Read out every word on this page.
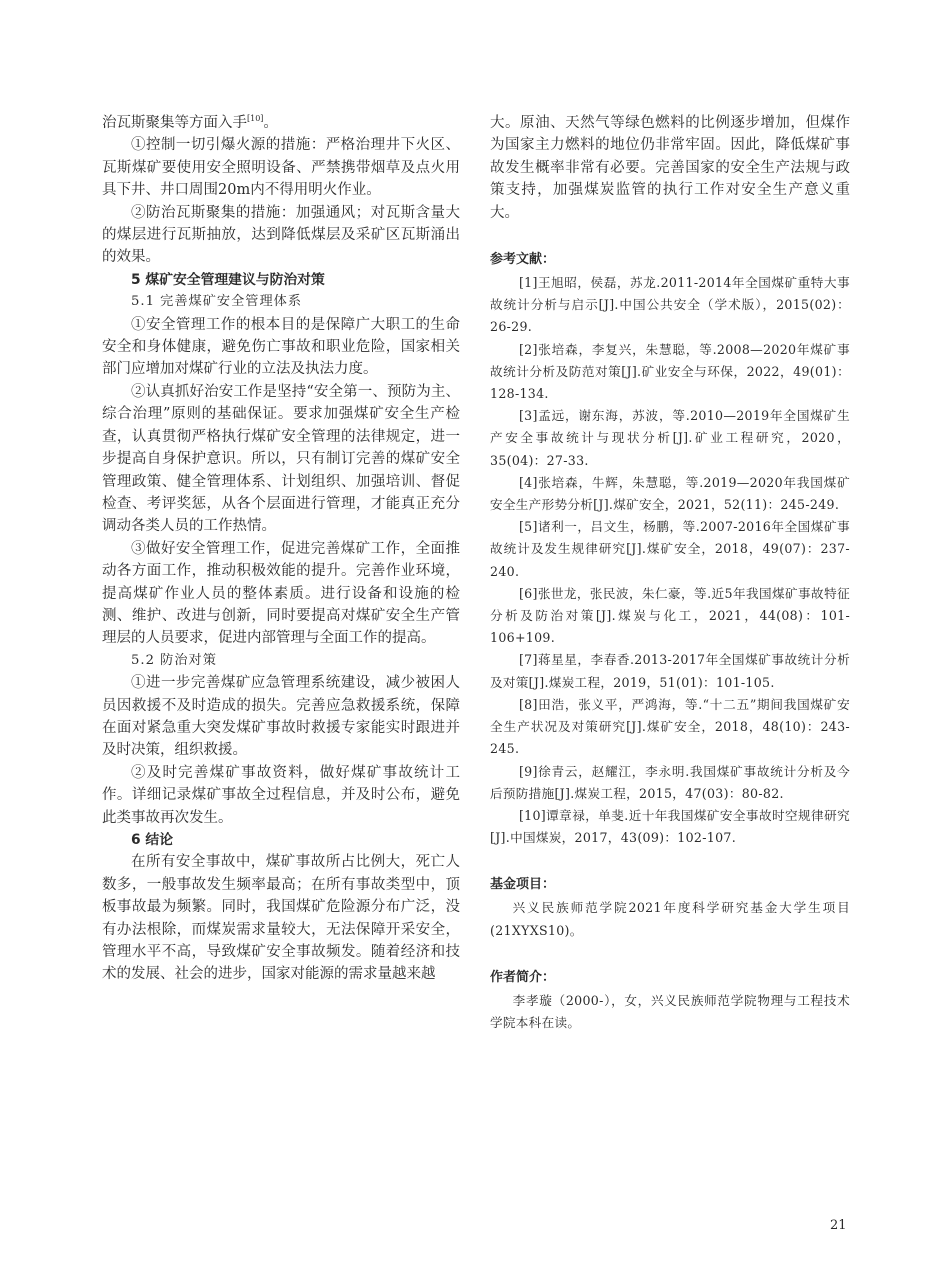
治瓦斯聚集等方面入手[10]。

①控制一切引爆火源的措施：严格治理井下火区、瓦斯煤矿要使用安全照明设备、严禁携带烟草及点火用具下井、井口周围20m内不得用明火作业。

②防治瓦斯聚集的措施：加强通风；对瓦斯含量大的煤层进行瓦斯抽放，达到降低煤层及采矿区瓦斯涌出的效果。

5 煤矿安全管理建议与防治对策

5.1 完善煤矿安全管理体系

①安全管理工作的根本目的是保障广大职工的生命安全和身体健康，避免伤亡事故和职业危险，国家相关部门应增加对煤矿行业的立法及执法力度。

②认真抓好治安工作是坚持“安全第一、预防为主、综合治理”原则的基础保证。要求加强煤矿安全生产检查，认真贯彻严格执行煤矿安全管理的法律规定，进一步提高自身保护意识。所以，只有制订完善的煤矿安全管理政策、健全管理体系、计划组织、加强培训、督促检查、考评奖惩，从各个层面进行管理，才能真正充分调动各类人员的工作热情。

③做好安全管理工作，促进完善煤矿工作，全面推动各方面工作，推动积极效能的提升。完善作业环境，提高煤矿作业人员的整体素质。进行设备和设施的检测、维护、改进与创新，同时要提高对煤矿安全生产管理层的人员要求，促进内部管理与全面工作的提高。

5.2 防治对策

①进一步完善煤矿应急管理系统建设，减少被困人员因救援不及时造成的损失。完善应急救援系统，保障在面对紧急重大突发煤矿事故时救援专家能实时跟进并及时决策，组织救援。

②及时完善煤矿事故资料，做好煤矿事故统计工作。详细记录煤矿事故全过程信息，并及时公布，避免此类事故再次发生。

6 结论

在所有安全事故中，煤矿事故所占比例大，死亡人数多，一般事故发生频率最高；在所有事故类型中，顶板事故最为频繁。同时，我国煤矿危险源分布广泛，没有办法根除，而煤炭需求量较大，无法保障开采安全，管理水平不高，导致煤矿安全事故频发。随着经济和技术的发展、社会的进步，国家对能源的需求量越来越

大。原油、天然气等绿色燃料的比例逐步增加，但煤作为国家主力燃料的地位仍非常牢固。因此，降低煤矿事故发生概率非常有必要。完善国家的安全生产法规与政策支持，加强煤炭监管的执行工作对安全生产意义重大。

参考文献：

[1]王旭昭，侯磊，苏龙.2011-2014年全国煤矿重特大事故统计分析与启示[J].中国公共安全（学术版），2015(02)：26-29.

[2]张培森，李复兴，朱慧聪，等.2008—2020年煤矿事故统计分析及防范对策[J].矿业安全与环保，2022，49(01)：128-134.

[3]孟远，谢东海，苏波，等.2010—2019年全国煤矿生产安全事故统计与现状分析[J].矿业工程研究，2020，35(04)：27-33.

[4]张培森，牛辉，朱慧聪，等.2019—2020年我国煤矿安全生产形势分析[J].煤矿安全，2021，52(11)：245-249.

[5]诸利一，吕文生，杨鹏，等.2007-2016年全国煤矿事故统计及发生规律研究[J].煤矿安全，2018，49(07)：237-240.

[6]张世龙，张民波，朱仁豪，等.近5年我国煤矿事故特征分析及防治对策[J].煤炭与化工，2021，44(08)：101-106+109.

[7]蒋星星，李春香.2013-2017年全国煤矿事故统计分析及对策[J].煤炭工程，2019，51(01)：101-105.

[8]田浩，张义平，严鸿海，等.“十二五”期间我国煤矿安全生产状况及对策研究[J].煤矿安全，2018，48(10)：243-245.

[9]徐青云，赵耀江，李永明.我国煤矿事故统计分析及今后预防措施[J].煤炭工程，2015，47(03)：80-82.

[10]谭章禄，单斐.近十年我国煤矿安全事故时空规律研究[J].中国煤炭，2017，43(09)：102-107.

基金项目：

兴义民族师范学院2021年度科学研究基金大学生项目(21XYXS10)。

作者简介：

李孝璇（2000-），女，兴义民族师范学院物理与工程技术学院本科在读。

21
